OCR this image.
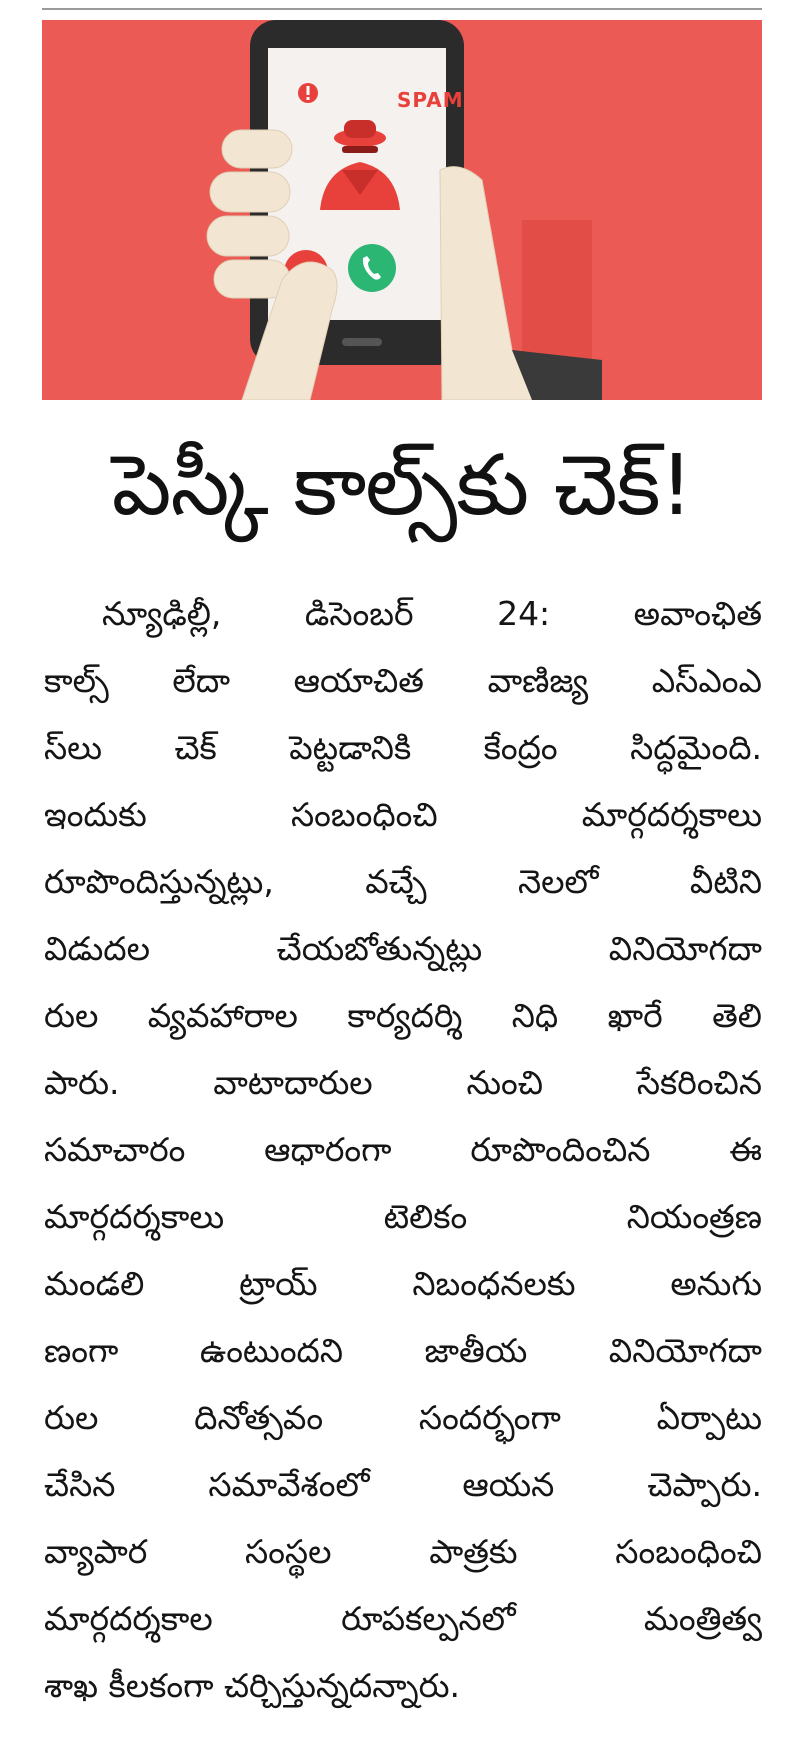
SPAM
పెస్కీ కాల్స్‌కు చెక్!
న్యూఢిల్లీ, డిసెంబర్ 24: అవాంఛిత
కాల్స్ లేదా ఆయాచిత వాణిజ్య ఎస్ఎంఎ
స్‌లు చెక్ పెట్టడానికి కేంద్రం సిద్ధమైంది.
ఇందుకు సంబంధించి మార్గదర్శకాలు
రూపొందిస్తున్నట్లు, వచ్చే నెలలో వీటిని
విడుదల చేయబోతున్నట్లు వినియోగదా
రుల వ్యవహారాల కార్యదర్శి నిధి ఖారే తెలి
పారు. వాటాదారుల నుంచి సేకరించిన
సమాచారం ఆధారంగా రూపొందించిన ఈ
మార్గదర్శకాలు టెలికం నియంత్రణ
మండలి ట్రాయ్ నిబంధనలకు అనుగు
ణంగా ఉంటుందని జాతీయ వినియోగదా
రుల దినోత్సవం సందర్భంగా ఏర్పాటు
చేసిన సమావేశంలో ఆయన చెప్పారు.
వ్యాపార సంస్థల పాత్రకు సంబంధించి
మార్గదర్శకాల రూపకల్పనలో మంత్రిత్వ
శాఖ కీలకంగా చర్చిస్తున్నదన్నారు.
